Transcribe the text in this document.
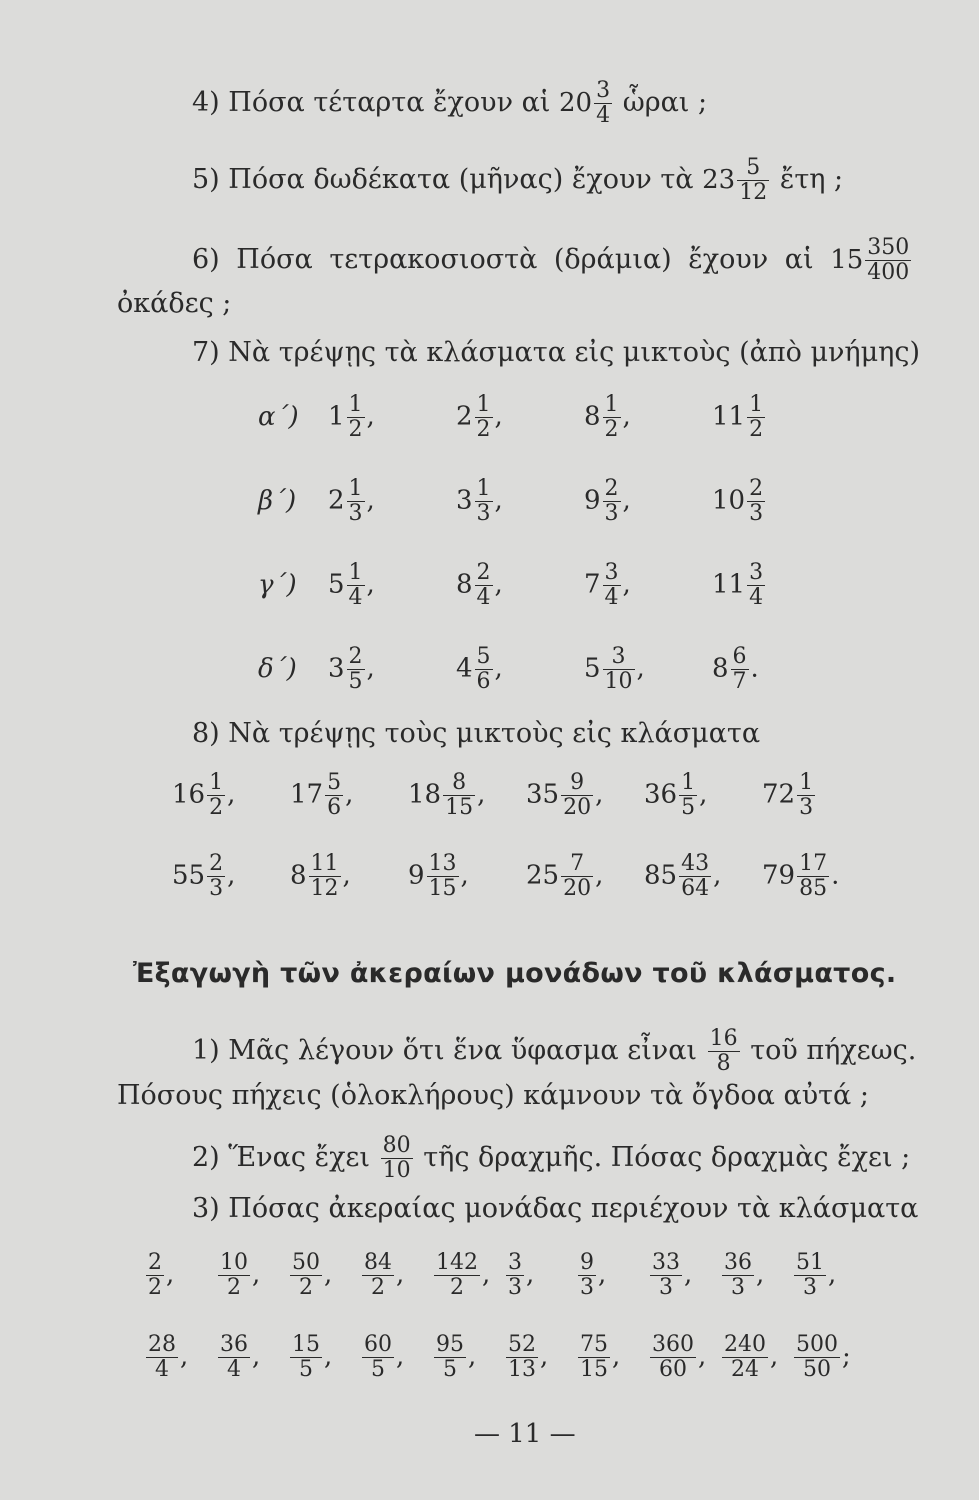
4) Πόσα τέταρτα ἔχουν αἱ $20 \frac{3}{4}$ ὧραι ;
5) Πόσα δωδέκατα (μῆνας) ἔχουν τὰ $23 \frac{5}{12}$ ἔτη ;
6) Πόσα τετρακοσιοστὰ (δράμια) ἔχουν αἱ $15 \frac{350}{400}$
ὀκάδες ;
7) Νὰ τρέψῃς τὰ κλάσματα εἰς μικτοὺς (ἀπὸ μνήμης)
α΄) $1 \frac{1}{2}$ ,	$2 \frac{1}{2}$ ,	$8 \frac{1}{2}$ ,	$11 \frac{1}{2}$
β΄) $2 \frac{1}{3}$ ,	$3 \frac{1}{3}$ ,	$9 \frac{2}{3}$ ,	$10 \frac{2}{3}$
γ΄) $5 \frac{1}{4}$ ,	$8 \frac{2}{4}$ ,	$7 \frac{3}{4}$ ,	$11 \frac{3}{4}$
δ΄) $3 \frac{2}{5}$ ,	$4 \frac{5}{6}$ ,	$5 \frac{3}{10}$ ,	$8 \frac{6}{7}$ .
8) Νὰ τρέψῃς τοὺς μικτοὺς εἰς κλάσματα
$16 \frac{1}{2}$ , $17 \frac{5}{6}$ , $18 \frac{8}{15}$ , $35 \frac{9}{20}$ , $36 \frac{1}{5}$ , $72 \frac{1}{3}$
$55 \frac{2}{3}$ , $8 \frac{11}{12}$ , $9 \frac{13}{15}$ , $25 \frac{7}{20}$ , $85 \frac{43}{64}$ , $79 \frac{17}{85}$ .
Ἐξαγωγὴ τῶν ἀκεραίων μονάδων τοῦ κλάσματος.
1) Μᾶς λέγουν ὅτι ἕνα ὕφασμα εἶναι $\frac{16}{8}$ τοῦ πήχεως.
Πόσους πήχεις (ὁλοκλήρους) κάμνουν τὰ ὄγδοα αὐτά ;
2) Ἕνας ἔχει $\frac{80}{10}$ τῆς δραχμῆς. Πόσας δραχμὰς ἔχει ;
3) Πόσας ἀκεραίας μονάδας περιέχουν τὰ κλάσματα
$\frac{2}{2}$ , $\frac{10}{2}$ , $\frac{50}{2}$ , $\frac{84}{2}$ , $\frac{142}{2}$ , $\frac{3}{3}$ , $\frac{9}{3}$ , $\frac{33}{3}$ , $\frac{36}{3}$ , $\frac{51}{3}$ ,
$\frac{28}{4}$ , $\frac{36}{4}$ , $\frac{15}{5}$ , $\frac{60}{5}$ , $\frac{95}{5}$ , $\frac{52}{13}$ , $\frac{75}{15}$ , $\frac{360}{60}$ , $\frac{240}{24}$ , $\frac{500}{50}$ ;
— 11 —
